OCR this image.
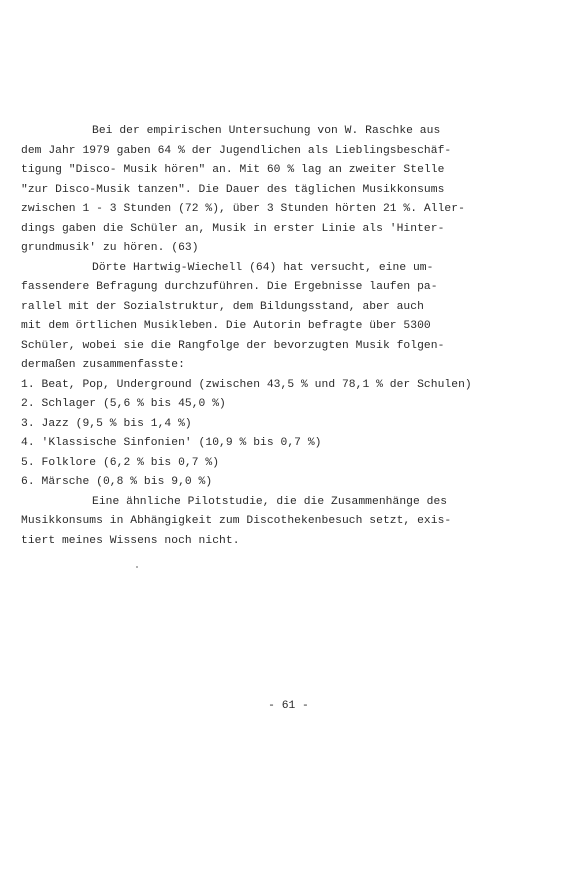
Bei der empirischen Untersuchung von W. Raschke aus
dem Jahr 1979 gaben 64 % der Jugendlichen als Lieblingsbeschäf-
tigung "Disco- Musik hören" an. Mit 60 % lag an zweiter Stelle
"zur Disco-Musik tanzen". Die Dauer des täglichen Musikkonsums
zwischen 1 - 3 Stunden (72 %), über 3 Stunden hörten 21 %. Aller-
dings gaben die Schüler an, Musik in erster Linie als 'Hinter-
grundmusik' zu hören. (63)
Dörte Hartwig-Wiechell (64) hat versucht, eine um-
fassendere Befragung durchzuführen. Die Ergebnisse laufen pa-
rallel mit der Sozialstruktur, dem Bildungsstand, aber auch
mit dem örtlichen Musikleben. Die Autorin befragte über 5300
Schüler, wobei sie die Rangfolge der bevorzugten Musik folgen-
dermaßen zusammenfasste:
1. Beat, Pop, Underground (zwischen 43,5 % und 78,1 % der Schulen)
2. Schlager (5,6 % bis 45,0 %)
3. Jazz (9,5 % bis 1,4 %)
4. 'Klassische Sinfonien' (10,9 % bis 0,7 %)
5. Folklore (6,2 % bis 0,7 %)
6. Märsche (0,8 % bis 9,0 %)
Eine ähnliche Pilotstudie, die die Zusammenhänge des
Musikkonsums in Abhängigkeit zum Discothekenbesuch setzt, exis-
tiert meines Wissens noch nicht.
- 61 -
